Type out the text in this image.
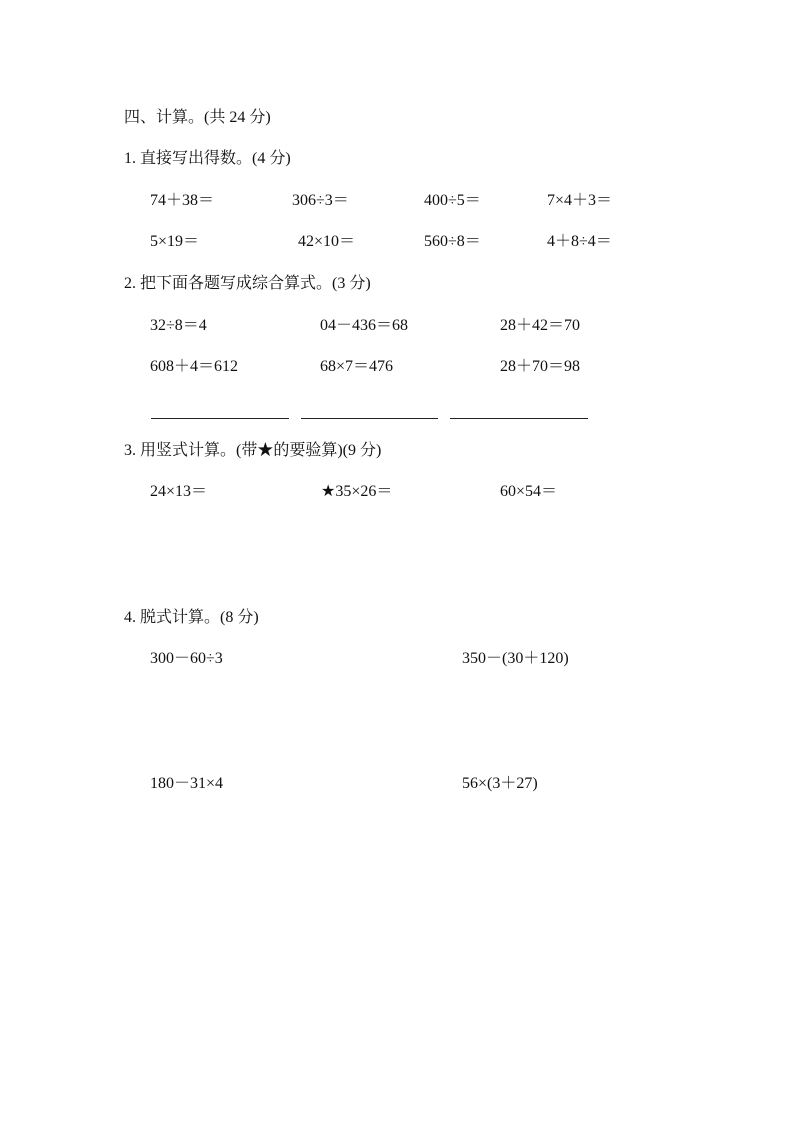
四、计算。(共 24 分)
1. 直接写出得数。(4 分)
74＋38＝	306÷3＝	400÷5＝	7×4＋3＝
5×19＝	42×10＝	560÷8＝	4＋8÷4＝
2. 把下面各题写成综合算式。(3 分)
32÷8＝4	04－436＝68	28＋42＝70
608＋4＝612	68×7＝476	28＋70＝98
3. 用竖式计算。(带★的要验算)(9 分)
24×13＝	★35×26＝	60×54＝
4. 脱式计算。(8 分)
300－60÷3	350－(30＋120)
180－31×4	56×(3＋27)
